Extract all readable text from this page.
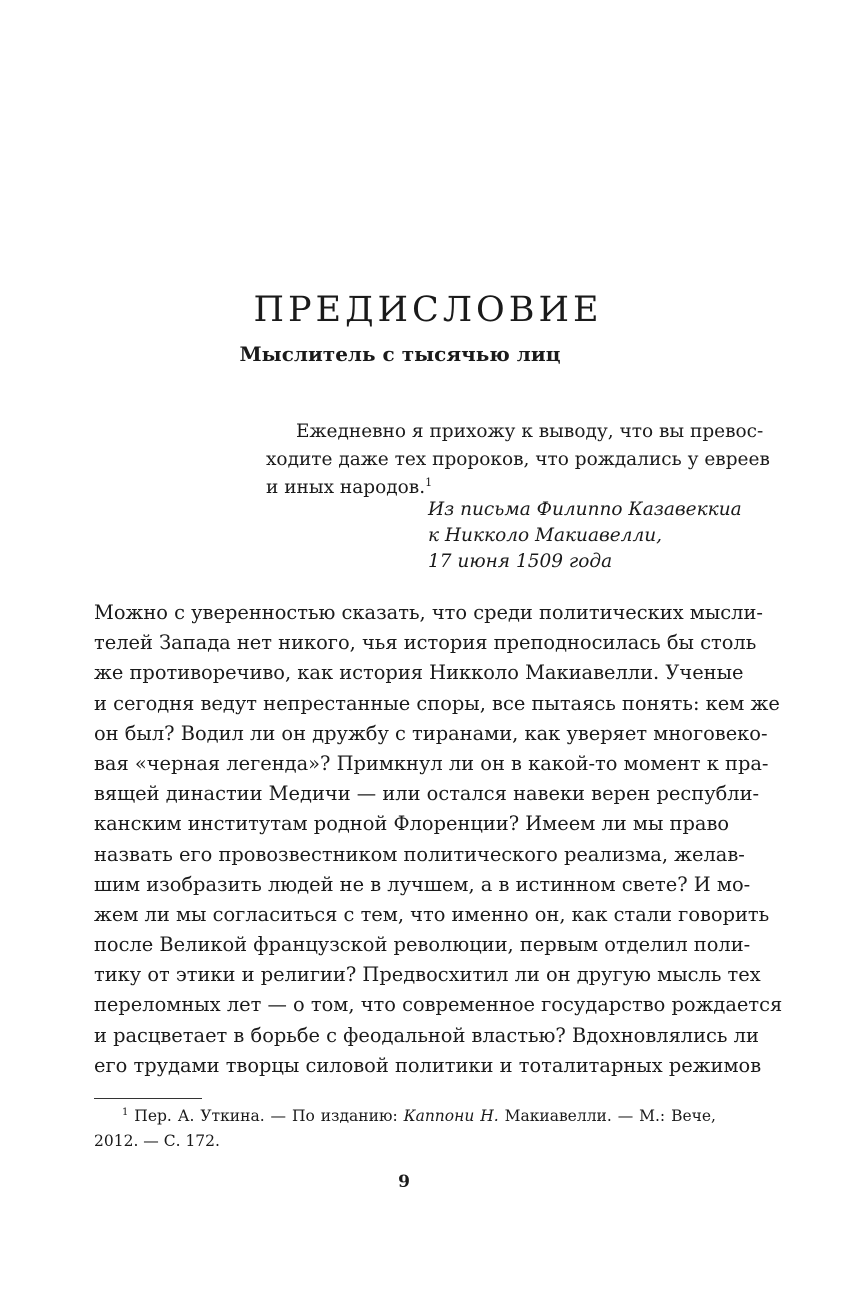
ПРЕДИСЛОВИЕ
Мыслитель с тысячью лиц
Ежедневно я прихожу к выводу, что вы превос-
ходите даже тех пророков, что рождались у евреев
и иных народов.$^1$
Из письма Филиппо Казавеккиа
к Никколо Макиавелли,
17 июня 1509 года
Можно с уверенностью сказать, что среди политических мысли-
телей Запада нет никого, чья история преподносилась бы столь
же противоречиво, как история Никколо Макиавелли. Ученые
и сегодня ведут непрестанные споры, все пытаясь понять: кем же
он был? Водил ли он дружбу с тиранами, как уверяет многовеко-
вая «черная легенда»? Примкнул ли он в какой-то момент к пра-
вящей династии Медичи — или остался навеки верен республи-
канским институтам родной Флоренции? Имеем ли мы право
назвать его провозвестником политического реализма, желав-
шим изобразить людей не в лучшем, а в истинном свете? И мо-
жем ли мы согласиться с тем, что именно он, как стали говорить
после Великой французской революции, первым отделил поли-
тику от этики и религии? Предвосхитил ли он другую мысль тех
переломных лет — о том, что современное государство рождается
и расцветает в борьбе с феодальной властью? Вдохновлялись ли
его трудами творцы силовой политики и тоталитарных режимов
$^1$ Пер. А. Уткина. — По изданию: Каппони Н. Макиавелли. — М.: Вече,
2012. — С. 172.
9
